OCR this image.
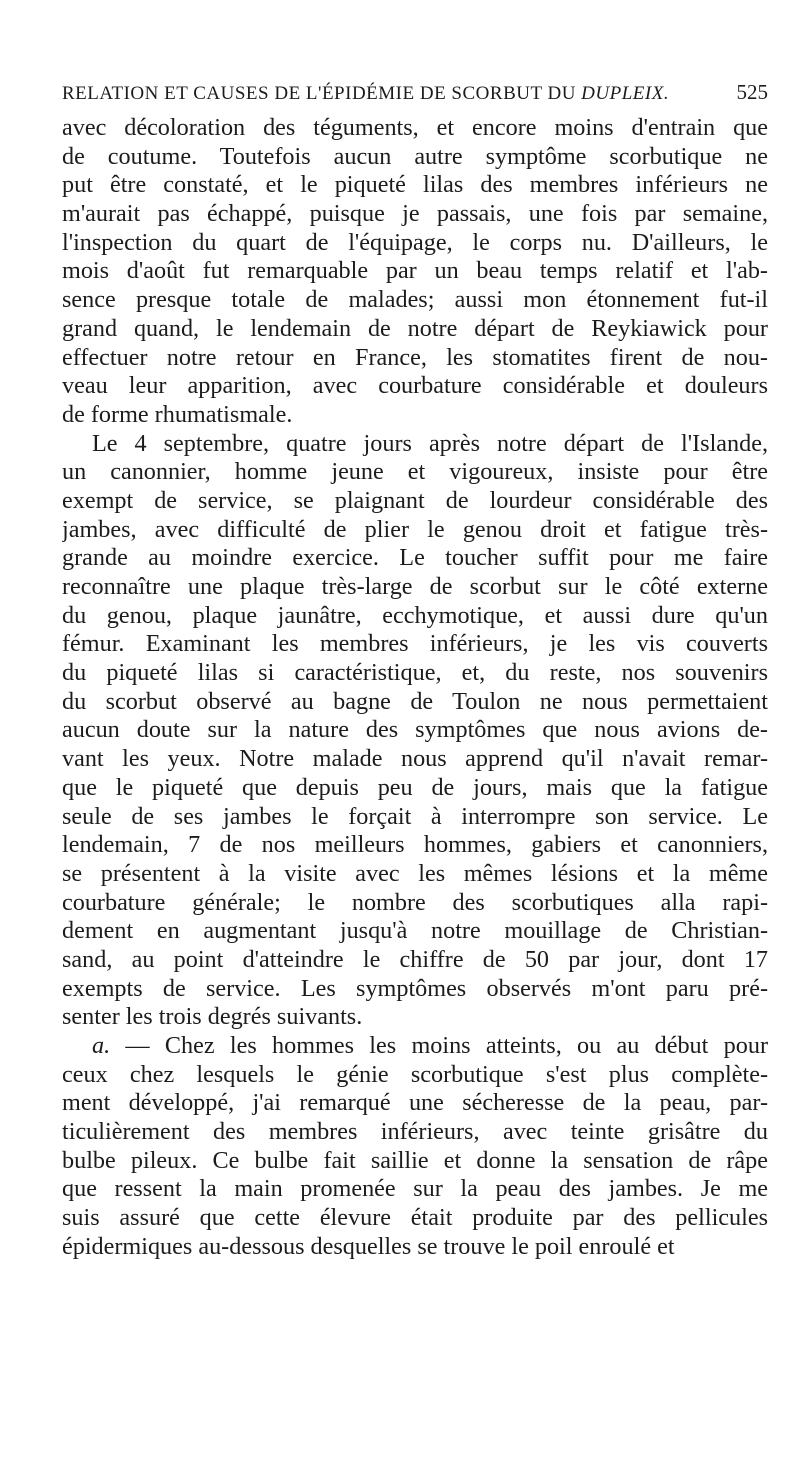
RELATION ET CAUSES DE L'ÉPIDÉMIE DE SCORBUT DU DUPLEIX.	525
avec décoloration des téguments, et encore moins d'entrain que
de coutume. Toutefois aucun autre symptôme scorbutique ne
put être constaté, et le piqueté lilas des membres inférieurs ne
m'aurait pas échappé, puisque je passais, une fois par semaine,
l'inspection du quart de l'équipage, le corps nu. D'ailleurs, le
mois d'août fut remarquable par un beau temps relatif et l'ab-
sence presque totale de malades; aussi mon étonnement fut-il
grand quand, le lendemain de notre départ de Reykiawick pour
effectuer notre retour en France, les stomatites firent de nou-
veau leur apparition, avec courbature considérable et douleurs
de forme rhumatismale.
Le 4 septembre, quatre jours après notre départ de l'Islande,
un canonnier, homme jeune et vigoureux, insiste pour être
exempt de service, se plaignant de lourdeur considérable des
jambes, avec difficulté de plier le genou droit et fatigue très-
grande au moindre exercice. Le toucher suffit pour me faire
reconnaître une plaque très-large de scorbut sur le côté externe
du genou, plaque jaunâtre, ecchymotique, et aussi dure qu'un
fémur. Examinant les membres inférieurs, je les vis couverts
du piqueté lilas si caractéristique, et, du reste, nos souvenirs
du scorbut observé au bagne de Toulon ne nous permettaient
aucun doute sur la nature des symptômes que nous avions de-
vant les yeux. Notre malade nous apprend qu'il n'avait remar-
que le piqueté que depuis peu de jours, mais que la fatigue
seule de ses jambes le forçait à interrompre son service. Le
lendemain, 7 de nos meilleurs hommes, gabiers et canonniers,
se présentent à la visite avec les mêmes lésions et la même
courbature générale; le nombre des scorbutiques alla rapi-
dement en augmentant jusqu'à notre mouillage de Christian-
sand, au point d'atteindre le chiffre de 50 par jour, dont 17
exempts de service. Les symptômes observés m'ont paru pré-
senter les trois degrés suivants.
a. — Chez les hommes les moins atteints, ou au début pour
ceux chez lesquels le génie scorbutique s'est plus complète-
ment développé, j'ai remarqué une sécheresse de la peau, par-
ticulièrement des membres inférieurs, avec teinte grisâtre du
bulbe pileux. Ce bulbe fait saillie et donne la sensation de râpe
que ressent la main promenée sur la peau des jambes. Je me
suis assuré que cette élevure était produite par des pellicules
épidermiques au-dessous desquelles se trouve le poil enroulé et
